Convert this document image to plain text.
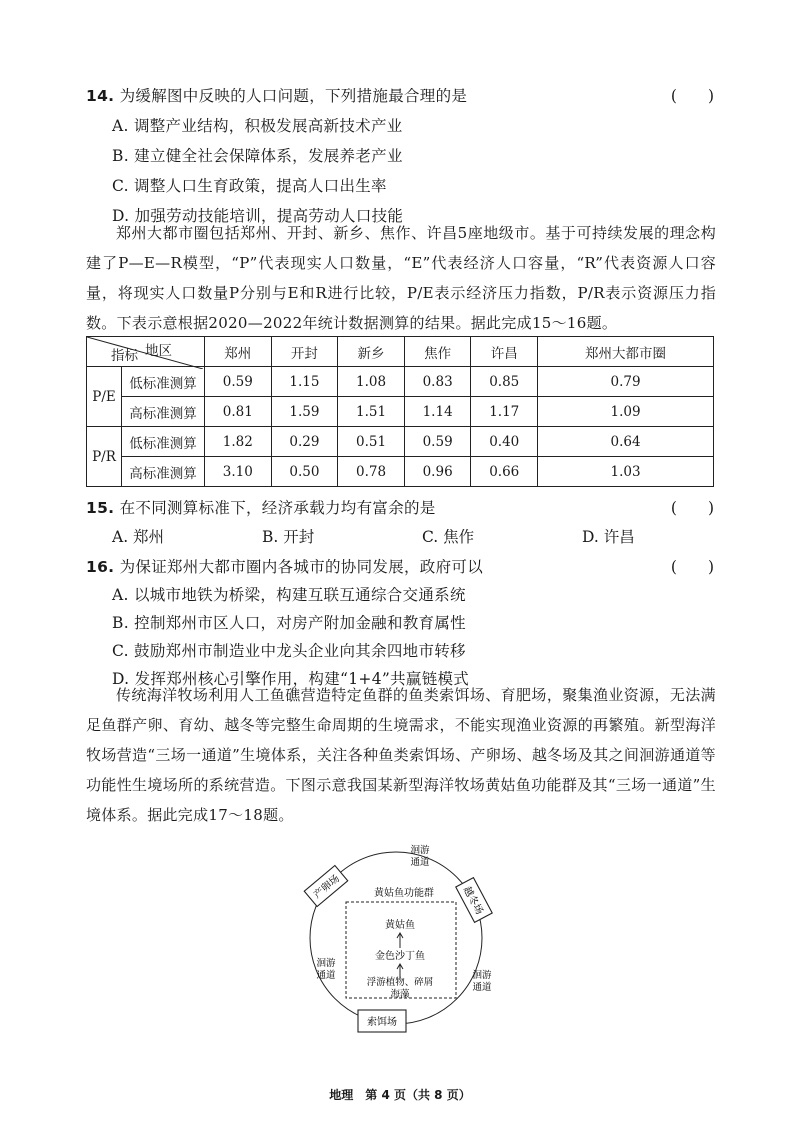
14. 为缓解图中反映的人口问题，下列措施最合理的是	(　　)
A. 调整产业结构，积极发展高新技术产业
B. 建立健全社会保障体系，发展养老产业
C. 调整人口生育政策，提高人口出生率
D. 加强劳动技能培训，提高劳动人口技能

郑州大都市圈包括郑州、开封、新乡、焦作、许昌5座地级市。基于可持续发展的理念构建了P—E—R模型，“P”代表现实人口数量，“E”代表经济人口容量，“R”代表资源人口容量，将现实人口数量P分别与E和R进行比较，P/E表示经济压力指数，P/R表示资源压力指数。下表示意根据2020—2022年统计数据测算的结果。据此完成15～16题。

地区
指标		郑州	开封	新乡	焦作	许昌	郑州大都市圈
P/E	低标准测算	0.59	1.15	1.08	0.83	0.85	0.79
	高标准测算	0.81	1.59	1.51	1.14	1.17	1.09
P/R	低标准测算	1.82	0.29	0.51	0.59	0.40	0.64
	高标准测算	3.10	0.50	0.78	0.96	0.66	1.03
15. 在不同测算标准下，经济承载力均有富余的是	(　　)
A. 郑州	B. 开封	C. 焦作	D. 许昌
16. 为保证郑州大都市圈内各城市的协同发展，政府可以	(　　)
A. 以城市地铁为桥梁，构建互联互通综合交通系统
B. 控制郑州市区人口，对房产附加金融和教育属性
C. 鼓励郑州市制造业中龙头企业向其余四地市转移
D. 发挥郑州核心引擎作用，构建“1+4”共赢链模式

传统海洋牧场利用人工鱼礁营造特定鱼群的鱼类索饵场、育肥场，聚集渔业资源，无法满足鱼群产卵、育幼、越冬等完整生命周期的生境需求，不能实现渔业资源的再繁殖。新型海洋牧场营造“三场一通道”生境体系，关注各种鱼类索饵场、产卵场、越冬场及其之间洄游通道等功能性生境场所的系统营造。下图示意我国某新型海洋牧场黄姑鱼功能群及其“三场一通道”生境体系。据此完成17～18题。

产卵场	越冬场
索饵场
洄游
通道
洄游
通道	洄游
通道
黄姑鱼功能群
黄姑鱼
金色沙丁鱼
浮游植物、碎屑
海藻
地理　第 4 页（共 8 页）
